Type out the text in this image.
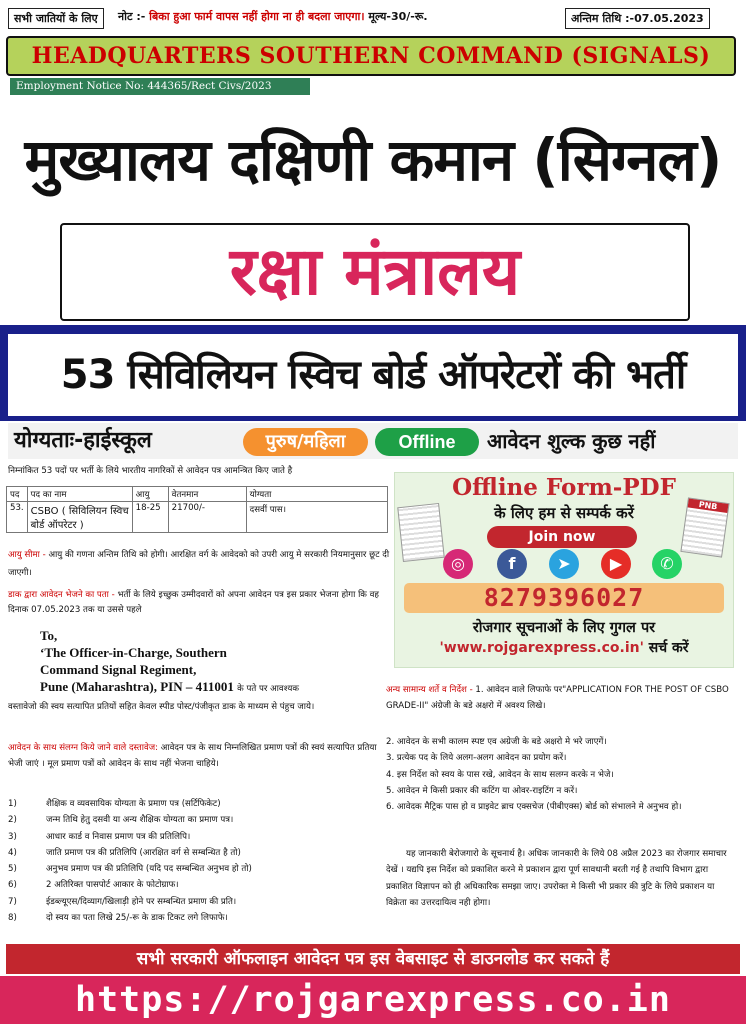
सभी जातियों के लिए	नोट :- बिका हुआ फार्म वापस नहीं होगा ना ही बदला जाएगा। मूल्य-30/-रू.	अन्तिम तिथि :-07.05.2023
HEADQUARTERS SOUTHERN COMMAND (SIGNALS)
Employment Notice No: 444365/Rect Civs/2023
मुख्यालय दक्षिणी कमान (सिग्नल)
रक्षा मंत्रालय
53 सिविलियन स्विच बोर्ड ऑपरेटरों की भर्ती
योग्यताः-हाईस्कूल	पुरुष/महिला	Offline	आवेदन शुल्क कुछ नहीं
निम्नांकित 53 पदों पर भर्ती के लिये भारतीय नागरिकों से आवेदन पत्र आमन्त्रित किए जाते है
पद	पद का नाम	आयु	वेतनमान	योग्यता
53.	CSBO ( सिविलियन स्विच बोर्ड ऑपरेटर )	18-25	21700/-	दसवीं पास।
आयु सीमा - आयु की गणना अन्तिम तिथि को होगी। आरक्षित वर्ग के आवेदको को उपरी आयु मे सरकारी नियमानुसार छूट दी जाएगी।
डाक द्वारा आवेदन भेजने का पता - भर्ती के लिये इच्छुक उम्मीदवारों को अपना आवेदन पत्र इस प्रकार भेजना होगा कि वह दिनाक 07.05.2023 तक या उससे पहले
To,
‘The Officer-in-Charge, Southern
Command Signal Regiment,
Pune (Maharashtra), PIN – 411001 के पते पर आवश्यक
वस्तावेजो की स्वय सत्यापित प्रतियों सहित केवल स्पीड पोस्ट/पंजीकृत डाक के माध्यम से पंहुच जाये।
आवेदन के साथ संलग्न किये जाने वाले दस्तावेज: आवेदन पत्र के साथ निम्नलिखित प्रमाण पत्रों की स्वयं सत्यापित प्रतिया भेजी जाएं । मूल प्रमाण पत्रों को आवेदन के साथ नहीं भेजना चाहिये।
1)	शैक्षिक व व्यवसायिक योग्यता के प्रमाण पत्र (सर्टिफिकेट)
2)	जन्म तिथि हेतु दसवी या अन्य शैक्षिक योग्यता का प्रमाण पत्र।
3)	आधार कार्ड व निवास प्रमाण पत्र की प्रतिलिपि।
4)	जाति प्रमाण पत्र की प्रतिलिपि (आरक्षित वर्ग से सम्बन्धित है तो)
5)	अनुभव प्रमाण पत्र की प्रतिलिपि (यदि पद सम्बन्धित अनुभव हो तो)
6)	2 अतिरिक्त पासपोर्ट आकार के फोटोग्राफ।
7)	ईडब्ल्यूएस/दिव्याग/खिलाड़ी होने पर सम्बन्धित प्रमाण की प्रति।
8)	दो स्वय का पता लिखे 25/-रू के डाक टिकट लगे लिफाफे।
Offline Form-PDF
के लिए हम से सम्पर्क करें
Join now
PNB
◎	f	➤	▶	✆
8279396027
रोजगार सूचनाओं के लिए गुगल पर
'www.rojgarexpress.co.in' सर्च करें
अन्य सामान्य शर्ते व निर्देश - 1. आवेदन वाले लिफाफे पर"APPLICATION FOR THE POST OF CSBO GRADE-II" अंग्रेजी के बडे अक्षरो में अवश्य लिखे।
2. आवेदन के सभी कालम स्पष्ट एव अग्रेजी के बडे अक्षरो मे भरे जाएगें।
3. प्रत्येक पद के लिये अलग-अलग आवेदन का प्रयोग करें।
4. इस निर्देश को स्वय के पास रखे, आवेदन के साथ सलग्न करके न भेजे।
5. आवेदन मे किसी प्रकार की कटिंग या ओवर-राइटिंग न करें।
6. आवेदक मैट्रिक पास हो व प्राइवेट ब्राच एक्सचेज (पीबीएक्स) बोर्ड को संभालने मे अनुभव हो।
यह जानकारी बेरोजगारो के सूचनार्थ है। अधिक जानकारी के लिये 08 अप्रैल 2023 का रोजगार समाचार देखें । यद्यपि इस निर्देश को प्रकाशित करने मे प्रकाशन द्वारा पूर्ण सावधानी बरती गई है तथापि विभाग द्वारा प्रकाशित विज्ञापन को ही अधिकारिक समझा जाए। उपरोक्त मे किसी भी प्रकार की त्रुटि के लिये प्रकाशन या विक्रेता का उत्तरदायित्व नही होगा।
सभी सरकारी ऑफलाइन आवेदन पत्र इस वेबसाइट से डाउनलोड कर सकते हैं
https://rojgarexpress.co.in
